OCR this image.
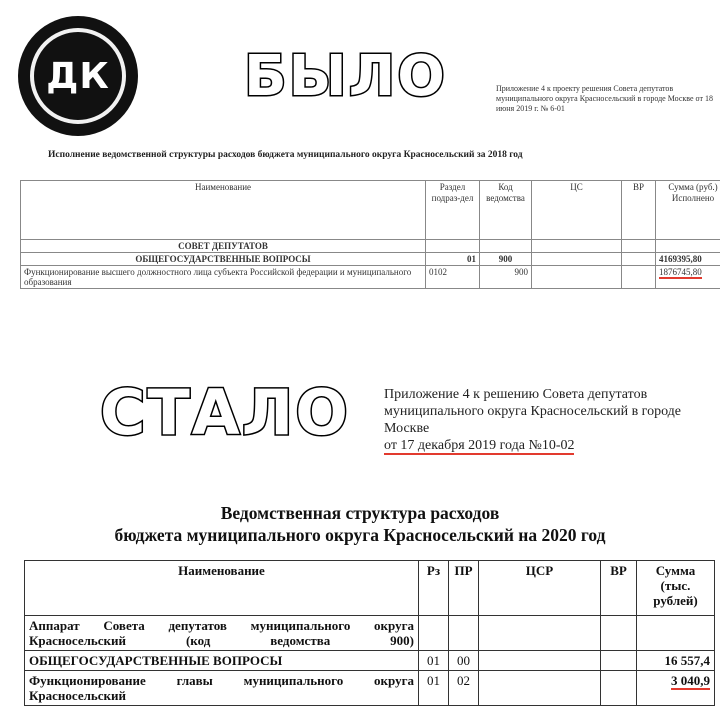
ДК БЫЛО
СТАЛО
Приложение 4 к проекту решения Совета депутатов муниципального округа Красносельский в городе Москве от 18 июня 2019 г. № 6-01
Исполнение ведомственной структуры расходов бюджета муниципального округа Красносельский за 2018 год
Наименование	Раздел подраз-дел	Код ведомства	ЦС	ВР	Сумма (руб.) Исполнено
СОВЕТ ДЕПУТАТОВ					
ОБЩЕГОСУДАРСТВЕННЫЕ ВОПРОСЫ	01	900			4169395,80
Функционирование высшего должностного лица субъекта Российской федерации и муниципального образования	0102	900			1876745,80
Приложение 4 к решению Совета депутатов муниципального округа Красносельский в городе Москве
от 17 декабря 2019 года №10-02
Ведомственная структура расходов
бюджета муниципального округа Красносельский на 2020 год
Наименование	Рз	ПР	ЦСР	ВР	Сумма (тыс. рублей)
Аппарат Совета депутатов муниципального округа Красносельский (код ведомства 900)					
ОБЩЕГОСУДАРСТВЕННЫЕ ВОПРОСЫ	01	00			16 557,4
Функционирование главы муниципального округа Красносельский	01	02			3 040,9
